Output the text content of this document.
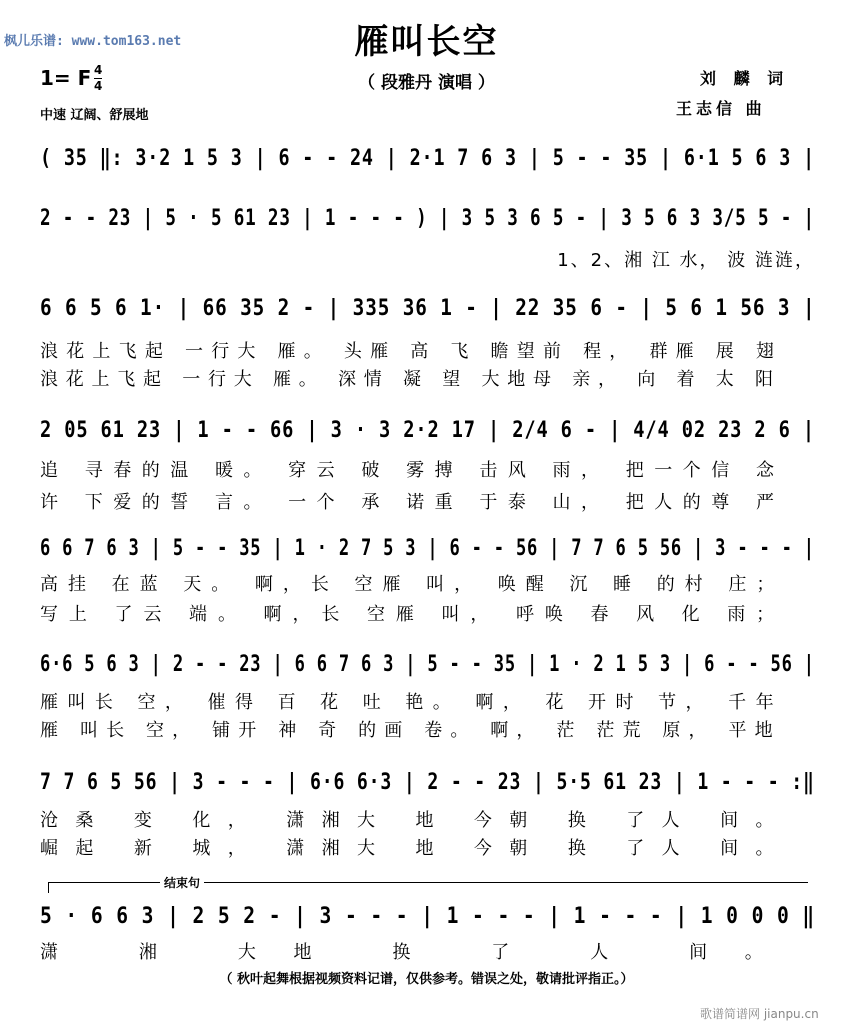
枫儿乐谱: www.tom163.net	雁叫长空
（ 段雅丹 演唱 ）
1= F 4
4
中速 辽阔、舒展地
刘 麟 词
王志信 曲
( 35 ‖: 3·2 1 5 3 | 6 - - 24 | 2·1 7 6 3 | 5 - - 35 | 6·1 5 6 3 |
2 - - 23 | 5 · 5 61 23 | 1 - - - ) | 3 5 3 6 5 - | 3 5 6 3 3/5 5 - |
1、2、湘 江 水， 波 涟涟，
6 6 5 6 1· | 66 35 2 - | 335 36 1 - | 22 35 6 - | 5 6 1 56 3 |
浪花上飞起 一行大 雁。 头雁 高 飞 瞻望前 程， 群雁 展 翅
浪花上飞起 一行大 雁。 深情 凝 望 大地母 亲， 向 着 太 阳
2 05 61 23 | 1 - - 66 | 3 · 3 2·2 17 | 2/4 6 - | 4/4 02 23 2 6 |
追 寻春的温 暖。 穿云 破 雾搏 击风 雨， 把一个信 念
许 下爱的誓 言。 一个 承 诺重 于泰 山， 把人的尊 严
6 6 7 6 3 | 5 - - 35 | 1 · 2 7 5 3 | 6 - - 56 | 7 7 6 5 56 | 3 - - - |
高挂 在蓝 天。 啊，长 空雁 叫， 唤醒 沉 睡 的村 庄；
写上 了云 端。 啊，长 空雁 叫， 呼唤 春 风 化 雨；
6·6 5 6 3 | 2 - - 23 | 6 6 7 6 3 | 5 - - 35 | 1 · 2 1 5 3 | 6 - - 56 |
雁叫长 空， 催得 百 花 吐 艳。 啊， 花 开时 节， 千年
雁 叫长 空， 铺开 神 奇 的画 卷。 啊， 茫 茫荒 原， 平地
7 7 6 5 56 | 3 - - - | 6·6 6·3 | 2 - - 23 | 5·5 61 23 | 1 - - - :‖
沧桑 变 化， 潇湘大 地 今朝 换 了人 间。
崛起 新 城， 潇湘大 地 今朝 换 了人 间。
结束句
5 · 6 6 3 | 2 5 2 - | 3 - - - | 1 - - - | 1 - - - | 1 0 0 0 ‖
潇 湘 大地 换 了 人 间。
（ 秋叶起舞根据视频资料记谱，仅供参考。错误之处，敬请批评指正。）
歌谱简谱网 jianpu.cn
